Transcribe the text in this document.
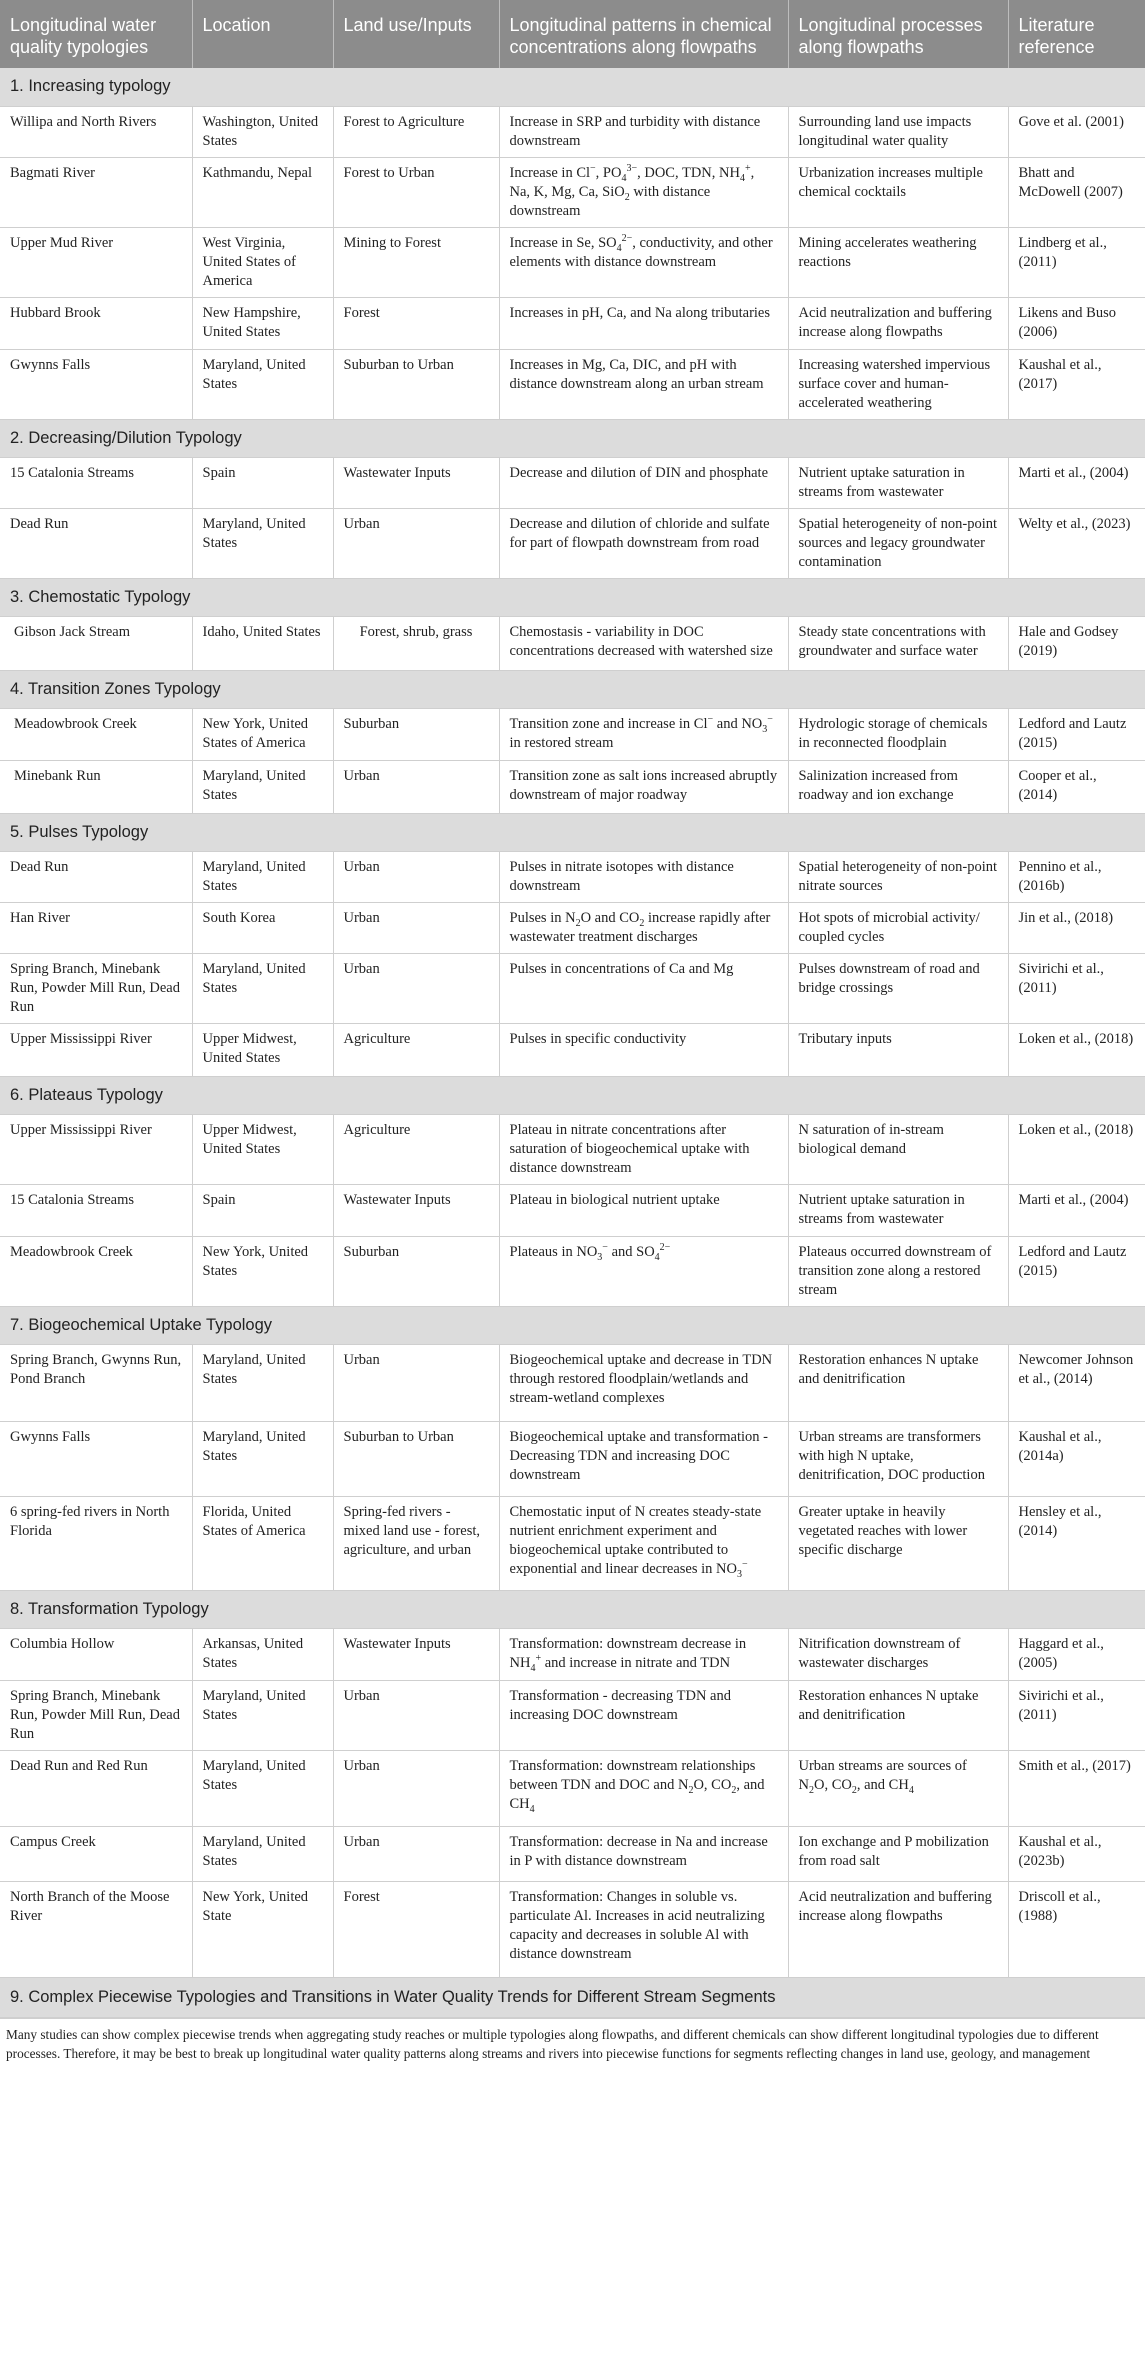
Longitudinal water quality typologies	Location	Land use/Inputs	Longitudinal patterns in chemical concentrations along flowpaths	Longitudinal processes along flowpaths	Literature reference
1. Increasing typology					
Willipa and North Rivers	Washington, United States	Forest to Agriculture	Increase in SRP and turbidity with distance downstream	Surrounding land use impacts longitudinal water quality	Gove et al. (2001)
Bagmati River	Kathmandu, Nepal	Forest to Urban	Increase in Cl−, $PO_4^{3-}$, DOC, TDN, $NH_4^+$, Na, K, Mg, Ca, SiO$_2$ with distance downstream	Urbanization increases multiple chemical cocktails	Bhatt and McDowell (2007)
Upper Mud River	West Virginia, United States of America	Mining to Forest	Increase in Se, $SO_4^{2-}$, conductivity, and other elements with distance downstream	Mining accelerates weathering reactions	Lindberg et al., (2011)
Hubbard Brook	New Hampshire, United States	Forest	Increases in pH, Ca, and Na along tributaries	Acid neutralization and buffering increase along flowpaths	Likens and Buso (2006)
Gwynns Falls	Maryland, United States	Suburban to Urban	Increases in Mg, Ca, DIC, and pH with distance downstream along an urban stream	Increasing watershed impervious surface cover and human-accelerated weathering	Kaushal et al., (2017)
2. Decreasing/Dilution Typology					
15 Catalonia Streams	Spain	Wastewater Inputs	Decrease and dilution of DIN and phosphate	Nutrient uptake saturation in streams from wastewater	Marti et al., (2004)
Dead Run	Maryland, United States	Urban	Decrease and dilution of chloride and sulfate for part of flowpath downstream from road	Spatial heterogeneity of non-point sources and legacy groundwater contamination	Welty et al., (2023)
3. Chemostatic Typology					
Gibson Jack Stream	Idaho, United States	Forest, shrub, grass	Chemostasis - variability in DOC concentrations decreased with watershed size	Steady state concentrations with groundwater and surface water	Hale and Godsey (2019)
4. Transition Zones Typology					
Meadowbrook Creek	New York, United States of America	Suburban	Transition zone and increase in Cl− and $NO_3^-$ in restored stream	Hydrologic storage of chemicals in reconnected floodplain	Ledford and Lautz (2015)
Minebank Run	Maryland, United States	Urban	Transition zone as salt ions increased abruptly downstream of major roadway	Salinization increased from roadway and ion exchange	Cooper et al., (2014)
5. Pulses Typology					
Dead Run	Maryland, United States	Urban	Pulses in nitrate isotopes with distance downstream	Spatial heterogeneity of non-point nitrate sources	Pennino et al., (2016b)
Han River	South Korea	Urban	Pulses in $N_2O$ and $CO_2$ increase rapidly after wastewater treatment discharges	Hot spots of microbial activity/ coupled cycles	Jin et al., (2018)
Spring Branch, Minebank Run, Powder Mill Run, Dead Run	Maryland, United States	Urban	Pulses in concentrations of Ca and Mg	Pulses downstream of road and bridge crossings	Sivirichi et al., (2011)
Upper Mississippi River	Upper Midwest, United States	Agriculture	Pulses in specific conductivity	Tributary inputs	Loken et al., (2018)
6. Plateaus Typology					
Upper Mississippi River	Upper Midwest, United States	Agriculture	Plateau in nitrate concentrations after saturation of biogeochemical uptake with distance downstream	N saturation of in-stream biological demand	Loken et al., (2018)
15 Catalonia Streams	Spain	Wastewater Inputs	Plateau in biological nutrient uptake	Nutrient uptake saturation in streams from wastewater	Marti et al., (2004)
Meadowbrook Creek	New York, United States	Suburban	Plateaus in $NO_3^-$ and $SO_4^{2-}$	Plateaus occurred downstream of transition zone along a restored stream	Ledford and Lautz (2015)
7. Biogeochemical Uptake Typology					
Spring Branch, Gwynns Run, Pond Branch	Maryland, United States	Urban	Biogeochemical uptake and decrease in TDN through restored floodplain/wetlands and stream-wetland complexes	Restoration enhances N uptake and denitrification	Newcomer Johnson et al., (2014)
Gwynns Falls	Maryland, United States	Suburban to Urban	Biogeochemical uptake and transformation - Decreasing TDN and increasing DOC downstream	Urban streams are transformers with high N uptake, denitrification, DOC production	Kaushal et al., (2014a)
6 spring-fed rivers in North Florida	Florida, United States of America	Spring-fed rivers - mixed land use - forest, agriculture, and urban	Chemostatic input of N creates steady-state nutrient enrichment experiment and biogeochemical uptake contributed to exponential and linear decreases in $NO_3^-$	Greater uptake in heavily vegetated reaches with lower specific discharge	Hensley et al., (2014)
8. Transformation Typology					
Columbia Hollow	Arkansas, United States	Wastewater Inputs	Transformation: downstream decrease in $NH_4^+$ and increase in nitrate and TDN	Nitrification downstream of wastewater discharges	Haggard et al., (2005)
Spring Branch, Minebank Run, Powder Mill Run, Dead Run	Maryland, United States	Urban	Transformation - decreasing TDN and increasing DOC downstream	Restoration enhances N uptake and denitrification	Sivirichi et al., (2011)
Dead Run and Red Run	Maryland, United States	Urban	Transformation: downstream relationships between TDN and DOC and $N_2O$, $CO_2$, and $CH_4$	Urban streams are sources of $N_2O$, $CO_2$, and $CH_4$	Smith et al., (2017)
Campus Creek	Maryland, United States	Urban	Transformation: decrease in Na and increase in P with distance downstream	Ion exchange and P mobilization from road salt	Kaushal et al., (2023b)
North Branch of the Moose River	New York, United State	Forest	Transformation: Changes in soluble vs. particulate Al. Increases in acid neutralizing capacity and decreases in soluble Al with distance downstream	Acid neutralization and buffering increase along flowpaths	Driscoll et al., (1988)
9. Complex Piecewise Typologies and Transitions in Water Quality Trends for Different Stream Segments					
Many studies can show complex piecewise trends when aggregating study reaches or multiple typologies along flowpaths, and different chemicals can show different longitudinal typologies due to different processes. Therefore, it may be best to break up longitudinal water quality patterns along streams and rivers into piecewise functions for segments reflecting changes in land use, geology, and management
